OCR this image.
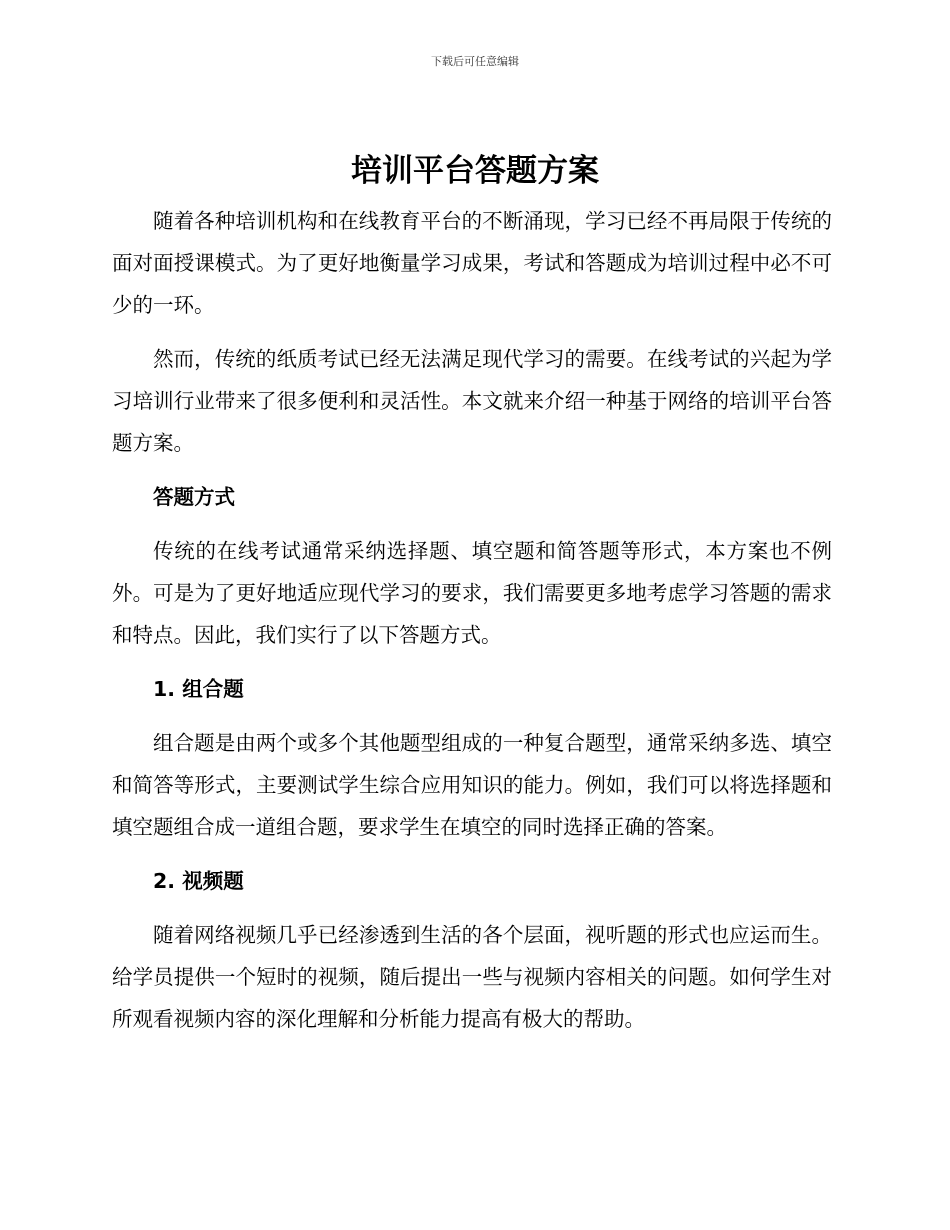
下载后可任意编辑
培训平台答题方案

随着各种培训机构和在线教育平台的不断涌现，学习已经不再局限于传统的面对面授课模式。为了更好地衡量学习成果，考试和答题成为培训过程中必不可少的一环。

然而，传统的纸质考试已经无法满足现代学习的需要。在线考试的兴起为学习培训行业带来了很多便利和灵活性。本文就来介绍一种基于网络的培训平台答题方案。

答题方式

传统的在线考试通常采纳选择题、填空题和简答题等形式，本方案也不例外。可是为了更好地适应现代学习的要求，我们需要更多地考虑学习答题的需求和特点。因此，我们实行了以下答题方式。

1. 组合题

组合题是由两个或多个其他题型组成的一种复合题型，通常采纳多选、填空和简答等形式，主要测试学生综合应用知识的能力。例如，我们可以将选择题和填空题组合成一道组合题，要求学生在填空的同时选择正确的答案。

2. 视频题

随着网络视频几乎已经渗透到生活的各个层面，视听题的形式也应运而生。给学员提供一个短时的视频，随后提出一些与视频内容相关的问题。如何学生对所观看视频内容的深化理解和分析能力提高有极大的帮助。
